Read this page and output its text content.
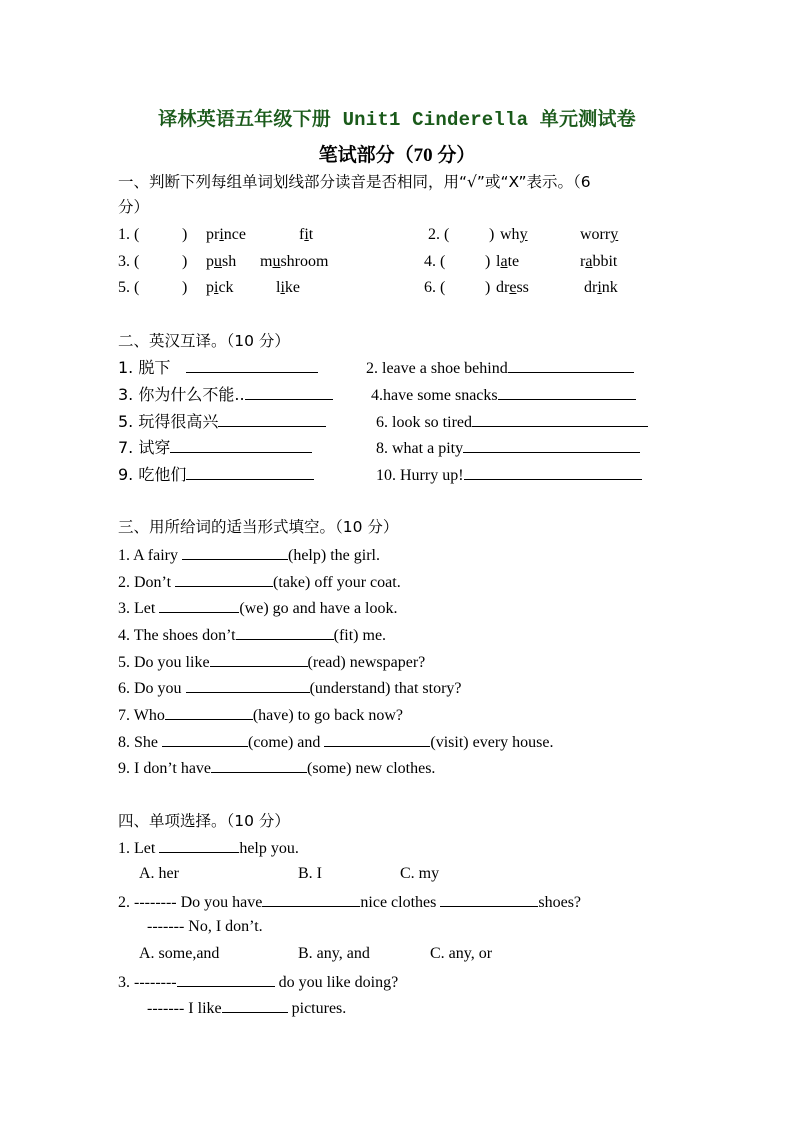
译林英语五年级下册 Unit1 Cinderella 单元测试卷
笔试部分（70 分）
一、判断下列每组单词划线部分读音是否相同，用“√”或“X”表示。（6
分）
1. (	) prince	fit	2. ( ) why	worry
3. (	) push mushroom	4. ( ) late	rabbit
5. (	) pick	like	6. ( ) dress	drink
二、英汉互译。（10 分）
1. 脱下	2. leave a shoe behind
3. 你为什么不能..	4.have some snacks
5. 玩得很高兴	6. look so tired
7. 试穿	8. what a pity
9. 吃他们	10. Hurry up!
三、用所给词的适当形式填空。（10 分）
1. A fairy	(help) the girl.
2. Don’t	(take) off your coat.
3. Let	(we) go and have a look.
4. The shoes don’t	(fit) me.
5. Do you like	(read) newspaper?
6. Do you	(understand) that story?
7. Who	(have) to go back now?
8. She	(come) and	(visit) every house.
9. I don’t have	(some) new clothes.
四、单项选择。（10 分）
1. Let	help you.
A. her	B. I	C. my
2. -------- Do you have	nice clothes	shoes?
------- No, I don’t.
A. some,and	B. any, and	C. any, or
3. --------	do you like doing?
------- I like	pictures.
